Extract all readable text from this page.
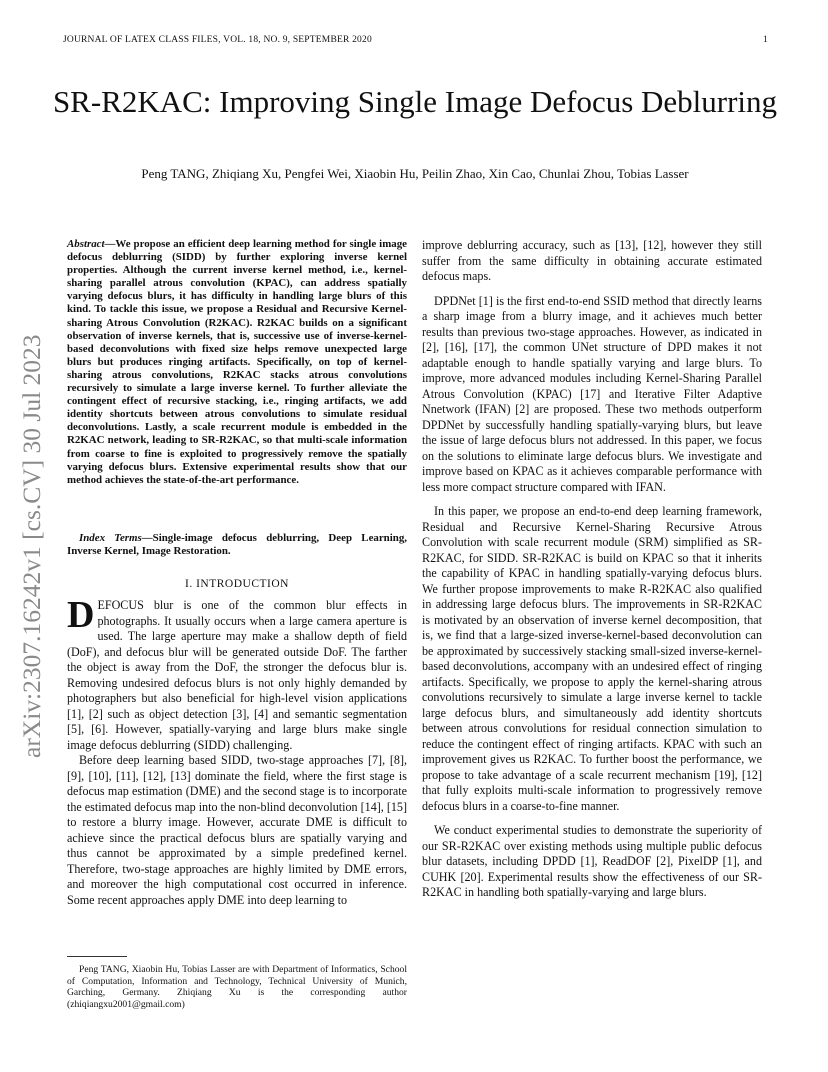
JOURNAL OF LATEX CLASS FILES, VOL. 18, NO. 9, SEPTEMBER 2020	1
arXiv:2307.16242v1 [cs.CV] 30 Jul 2023
SR-R2KAC: Improving Single Image Defocus Deblurring
Peng TANG, Zhiqiang Xu, Pengfei Wei, Xiaobin Hu, Peilin Zhao, Xin Cao, Chunlai Zhou, Tobias Lasser

Abstract—We propose an efficient deep learning method for single image defocus deblurring (SIDD) by further exploring inverse kernel properties. Although the current inverse kernel method, i.e., kernel-sharing parallel atrous convolution (KPAC), can address spatially varying defocus blurs, it has difficulty in handling large blurs of this kind. To tackle this issue, we propose a Residual and Recursive Kernel-sharing Atrous Convolution (R2KAC). R2KAC builds on a significant observation of inverse kernels, that is, successive use of inverse-kernel-based deconvolutions with fixed size helps remove unexpected large blurs but produces ringing artifacts. Specifically, on top of kernel-sharing atrous convolutions, R2KAC stacks atrous convolutions recursively to simulate a large inverse kernel. To further alleviate the contingent effect of recursive stacking, i.e., ringing artifacts, we add identity shortcuts between atrous convolutions to simulate residual deconvolutions. Lastly, a scale recurrent module is embedded in the R2KAC network, leading to SR-R2KAC, so that multi-scale information from coarse to fine is exploited to progressively remove the spatially varying defocus blurs. Extensive experimental results show that our method achieves the state-of-the-art performance.

Index Terms—Single-image defocus deblurring, Deep Learning, Inverse Kernel, Image Restoration.

I. INTRODUCTION

DEFOCUS blur is one of the common blur effects in photographs. It usually occurs when a large camera aperture is used. The large aperture may make a shallow depth of field (DoF), and defocus blur will be generated outside DoF. The farther the object is away from the DoF, the stronger the defocus blur is. Removing undesired defocus blurs is not only highly demanded by photographers but also beneficial for high-level vision applications [1], [2] such as object detection [3], [4] and semantic segmentation [5], [6]. However, spatially-varying and large blurs make single image defocus deblurring (SIDD) challenging.

Before deep learning based SIDD, two-stage approaches [7], [8], [9], [10], [11], [12], [13] dominate the field, where the first stage is defocus map estimation (DME) and the second stage is to incorporate the estimated defocus map into the non-blind deconvolution [14], [15] to restore a blurry image. However, accurate DME is difficult to achieve since the practical defocus blurs are spatially varying and thus cannot be approximated by a simple predefined kernel. Therefore, two-stage approaches are highly limited by DME errors, and moreover the high computational cost occurred in inference. Some recent approaches apply DME into deep learning to

Peng TANG, Xiaobin Hu, Tobias Lasser are with Department of Informatics, School of Computation, Information and Technology, Technical University of Munich, Garching, Germany. Zhiqiang Xu is the corresponding author (zhiqiangxu2001@gmail.com)

improve deblurring accuracy, such as [13], [12], however they still suffer from the same difficulty in obtaining accurate estimated defocus maps.

DPDNet [1] is the first end-to-end SSID method that directly learns a sharp image from a blurry image, and it achieves much better results than previous two-stage approaches. However, as indicated in [2], [16], [17], the common UNet structure of DPD makes it not adaptable enough to handle spatially varying and large blurs. To improve, more advanced modules including Kernel-Sharing Parallel Atrous Convolution (KPAC) [17] and Iterative Filter Adaptive Nnetwork (IFAN) [2] are proposed. These two methods outperform DPDNet by successfully handling spatially-varying blurs, but leave the issue of large defocus blurs not addressed. In this paper, we focus on the solutions to eliminate large defocus blurs. We investigate and improve based on KPAC as it achieves comparable performance with less more compact structure compared with IFAN.

In this paper, we propose an end-to-end deep learning framework, Residual and Recursive Kernel-Sharing Recursive Atrous Convolution with scale recurrent module (SRM) simplified as SR-R2KAC, for SIDD. SR-R2KAC is build on KPAC so that it inherits the capability of KPAC in handling spatially-varying defocus blurs. We further propose improvements to make R-R2KAC also qualified in addressing large defocus blurs. The improvements in SR-R2KAC is motivated by an observation of inverse kernel decomposition, that is, we find that a large-sized inverse-kernel-based deconvolution can be approximated by successively stacking small-sized inverse-kernel-based deconvolutions, accompany with an undesired effect of ringing artifacts. Specifically, we propose to apply the kernel-sharing atrous convolutions recursively to simulate a large inverse kernel to tackle large defocus blurs, and simultaneously add identity shortcuts between atrous convolutions for residual connection simulation to reduce the contingent effect of ringing artifacts. KPAC with such an improvement gives us R2KAC. To further boost the performance, we propose to take advantage of a scale recurrent mechanism [19], [12] that fully exploits multi-scale information to progressively remove defocus blurs in a coarse-to-fine manner.

We conduct experimental studies to demonstrate the superiority of our SR-R2KAC over existing methods using multiple public defocus blur datasets, including DPDD [1], ReadDOF [2], PixelDP [1], and CUHK [20]. Experimental results show the effectiveness of our SR-R2KAC in handling both spatially-varying and large blurs.
